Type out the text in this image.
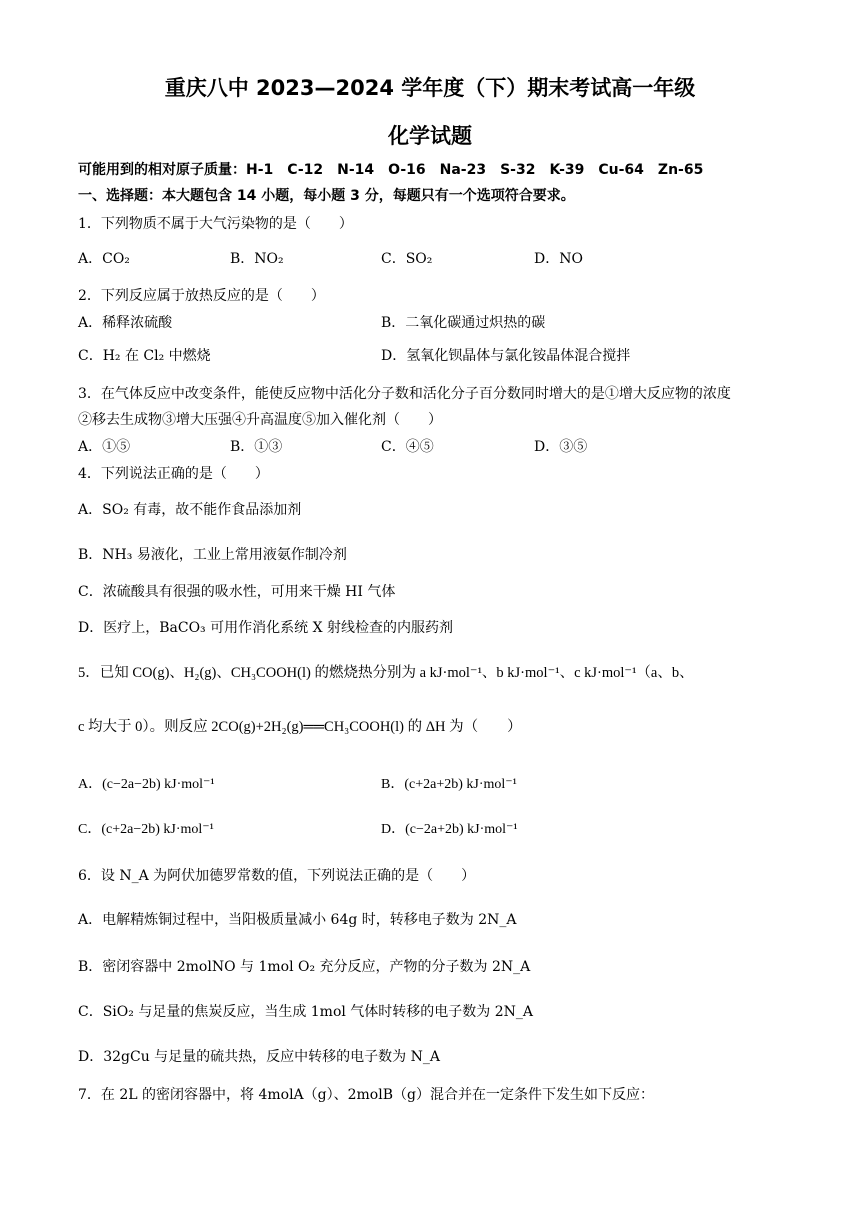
重庆八中 2023—2024 学年度（下）期末考试高一年级
化学试题
可能用到的相对原子质量：H-1　C-12　N-14　O-16　Na-23　S-32　K-39　Cu-64　Zn-65
一、选择题：本大题包含 14 小题，每小题 3 分，每题只有一个选项符合要求。
1．下列物质不属于大气污染物的是（　　）
A．CO₂	B．NO₂	C．SO₂	D．NO
2．下列反应属于放热反应的是（　　）
A．稀释浓硫酸	B．二氧化碳通过炽热的碳
C．H₂ 在 Cl₂ 中燃烧	D．氢氧化钡晶体与氯化铵晶体混合搅拌
3．在气体反应中改变条件，能使反应物中活化分子数和活化分子百分数同时增大的是①增大反应物的浓度
②移去生成物③增大压强④升高温度⑤加入催化剂（　　）
A．①⑤	B．①③	C．④⑤	D．③⑤
4．下列说法正确的是（　　）
A．SO₂ 有毒，故不能作食品添加剂
B．NH₃ 易液化，工业上常用液氨作制冷剂
C．浓硫酸具有很强的吸水性，可用来干燥 HI 气体
D．医疗上，BaCO₃ 可用作消化系统 X 射线检查的内服药剂
5．已知 CO(g)、H₂(g)、CH₃COOH(l) 的燃烧热分别为 a kJ·mol⁻¹、b kJ·mol⁻¹、c kJ·mol⁻¹（a、b、
c 均大于 0）。则反应 2CO(g)+2H₂(g)══CH₃COOH(l) 的 ΔH 为（　　）
A．(c−2a−2b) kJ·mol⁻¹	B．(c+2a+2b) kJ·mol⁻¹
C．(c+2a−2b) kJ·mol⁻¹	D．(c−2a+2b) kJ·mol⁻¹
6．设 N_A 为阿伏加德罗常数的值，下列说法正确的是（　　）
A．电解精炼铜过程中，当阳极质量减小 64g 时，转移电子数为 2N_A
B．密闭容器中 2molNO 与 1mol O₂ 充分反应，产物的分子数为 2N_A
C．SiO₂ 与足量的焦炭反应，当生成 1mol 气体时转移的电子数为 2N_A
D．32gCu 与足量的硫共热，反应中转移的电子数为 N_A
7．在 2L 的密闭容器中，将 4molA（g）、2molB（g）混合并在一定条件下发生如下反应：
